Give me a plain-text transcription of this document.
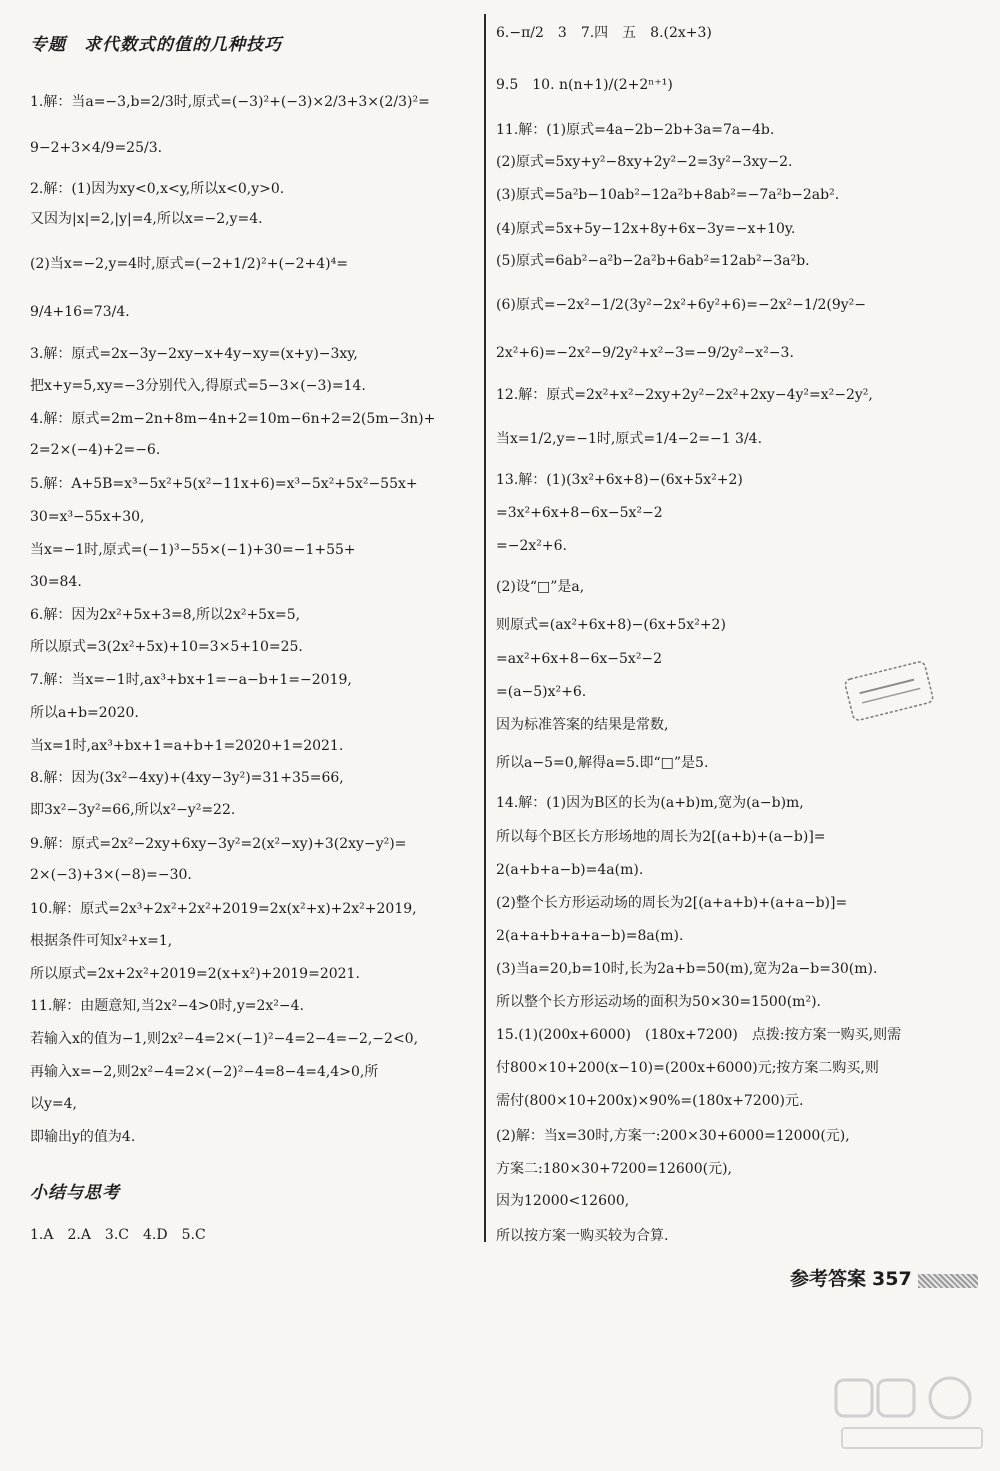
专题　求代数式的值的几种技巧
1.解：当a=−3,b=2/3时,原式=(−3)²+(−3)×2/3+3×(2/3)²=
9−2+3×4/9=25/3.
2.解：(1)因为xy<0,x<y,所以x<0,y>0.
又因为|x|=2,|y|=4,所以x=−2,y=4.
(2)当x=−2,y=4时,原式=(−2+1/2)²+(−2+4)⁴=
9/4+16=73/4.
3.解：原式=2x−3y−2xy−x+4y−xy=(x+y)−3xy,
把x+y=5,xy=−3分别代入,得原式=5−3×(−3)=14.
4.解：原式=2m−2n+8m−4n+2=10m−6n+2=2(5m−3n)+
2=2×(−4)+2=−6.
5.解：A+5B=x³−5x²+5(x²−11x+6)=x³−5x²+5x²−55x+
30=x³−55x+30,
当x=−1时,原式=(−1)³−55×(−1)+30=−1+55+
30=84.
6.解：因为2x²+5x+3=8,所以2x²+5x=5,
所以原式=3(2x²+5x)+10=3×5+10=25.
7.解：当x=−1时,ax³+bx+1=−a−b+1=−2019,
所以a+b=2020.
当x=1时,ax³+bx+1=a+b+1=2020+1=2021.
8.解：因为(3x²−4xy)+(4xy−3y²)=31+35=66,
即3x²−3y²=66,所以x²−y²=22.
9.解：原式=2x²−2xy+6xy−3y²=2(x²−xy)+3(2xy−y²)=
2×(−3)+3×(−8)=−30.
10.解：原式=2x³+2x²+2x²+2019=2x(x²+x)+2x²+2019,
根据条件可知x²+x=1,
所以原式=2x+2x²+2019=2(x+x²)+2019=2021.
11.解：由题意知,当2x²−4>0时,y=2x²−4.
若输入x的值为−1,则2x²−4=2×(−1)²−4=2−4=−2,−2<0,
再输入x=−2,则2x²−4=2×(−2)²−4=8−4=4,4>0,所
以y=4,
即输出y的值为4.
小结与思考
1.A　2.A　3.C　4.D　5.C
6.−π/2　3　7.四　五　8.(2x+3)
9.5　10. n(n+1)/(2+2ⁿ⁺¹)
11.解：(1)原式=4a−2b−2b+3a=7a−4b.
(2)原式=5xy+y²−8xy+2y²−2=3y²−3xy−2.
(3)原式=5a²b−10ab²−12a²b+8ab²=−7a²b−2ab².
(4)原式=5x+5y−12x+8y+6x−3y=−x+10y.
(5)原式=6ab²−a²b−2a²b+6ab²=12ab²−3a²b.
(6)原式=−2x²−1/2(3y²−2x²+6y²+6)=−2x²−1/2(9y²−
2x²+6)=−2x²−9/2y²+x²−3=−9/2y²−x²−3.
12.解：原式=2x²+x²−2xy+2y²−2x²+2xy−4y²=x²−2y²,
当x=1/2,y=−1时,原式=1/4−2=−1 3/4.
13.解：(1)(3x²+6x+8)−(6x+5x²+2)
=3x²+6x+8−6x−5x²−2
=−2x²+6.
(2)设“□”是a,
则原式=(ax²+6x+8)−(6x+5x²+2)
=ax²+6x+8−6x−5x²−2
=(a−5)x²+6.
因为标准答案的结果是常数,
所以a−5=0,解得a=5.即“□”是5.
14.解：(1)因为B区的长为(a+b)m,宽为(a−b)m,
所以每个B区长方形场地的周长为2[(a+b)+(a−b)]=
2(a+b+a−b)=4a(m).
(2)整个长方形运动场的周长为2[(a+a+b)+(a+a−b)]=
2(a+a+b+a+a−b)=8a(m).
(3)当a=20,b=10时,长为2a+b=50(m),宽为2a−b=30(m).
所以整个长方形运动场的面积为50×30=1500(m²).
15.(1)(200x+6000)　(180x+7200)　点拨:按方案一购买,则需
付800×10+200(x−10)=(200x+6000)元;按方案二购买,则
需付(800×10+200x)×90%=(180x+7200)元.
(2)解：当x=30时,方案一:200×30+6000=12000(元),
方案二:180×30+7200=12600(元),
因为12000<12600,
所以按方案一购买较为合算.
参考答案 357
